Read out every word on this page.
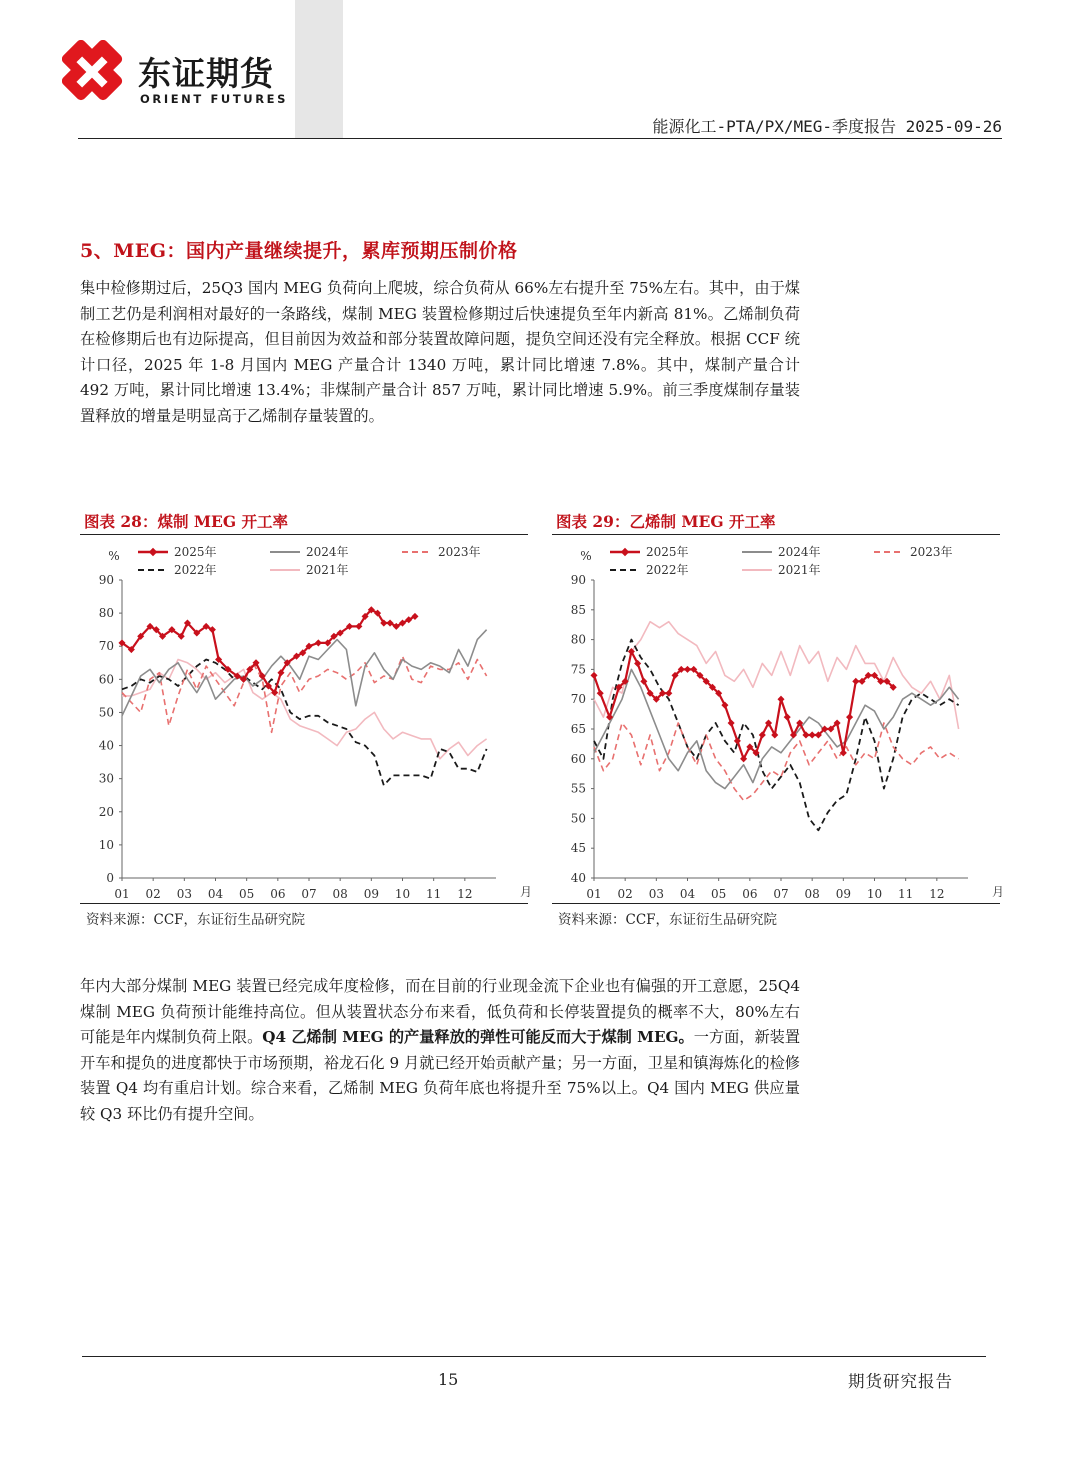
东证期货
ORIENT FUTURES
能源化工-PTA/PX/MEG-季度报告 2025-09-26
5、MEG：国内产量继续提升，累库预期压制价格
集中检修期过后，25Q3 国内 MEG 负荷向上爬坡，综合负荷从 66%左右提升至 75%左右。其中，由于煤制工艺仍是利润相对最好的一条路线，煤制 MEG 装置检修期过后快速提负至年内新高 81%。乙烯制负荷在检修期后也有边际提高，但目前因为效益和部分装置故障问题，提负空间还没有完全释放。根据 CCF 统计口径，2025 年 1-8 月国内 MEG 产量合计 1340 万吨，累计同比增速 7.8%。其中，煤制产量合计 492 万吨，累计同比增速 13.4%；非煤制产量合计 857 万吨，累计同比增速 5.9%。前三季度煤制存量装置释放的增量是明显高于乙烯制存量装置的。
图表 28：煤制 MEG 开工率
%
0
10
20
30
40
50
60
70
80
90
01 02 03 04 05 06 07 08 09 10 11 12	月
2025年	2024年	2023年
2022年	2021年
资料来源：CCF，东证衍生品研究院
图表 29：乙烯制 MEG 开工率
%
40
45
50
55
60
65
70
75
80
85
90
01 02 03 04 05 06 07 08 09 10 11 12	月
2025年	2024年	2023年
2022年	2021年
资料来源：CCF，东证衍生品研究院
年内大部分煤制 MEG 装置已经完成年度检修，而在目前的行业现金流下企业也有偏强的开工意愿，25Q4 煤制 MEG 负荷预计能维持高位。但从装置状态分布来看，低负荷和长停装置提负的概率不大，80%左右可能是年内煤制负荷上限。Q4 乙烯制 MEG 的产量释放的弹性可能反而大于煤制 MEG。一方面，新装置开车和提负的进度都快于市场预期，裕龙石化 9 月就已经开始贡献产量；另一方面，卫星和镇海炼化的检修装置 Q4 均有重启计划。综合来看，乙烯制 MEG 负荷年底也将提升至 75%以上。Q4 国内 MEG 供应量较 Q3 环比仍有提升空间。
15	期货研究报告
